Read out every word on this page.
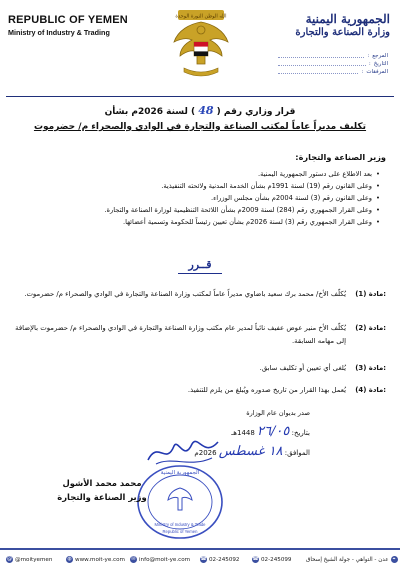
REPUBLIC OF YEMEN
Ministry of Industry & Trading
الله الوطن الثورة الوحدة	الجمهورية اليمنية
وزارة الصناعة والتجارة
المرجع
:
التاريخ
:
المرفقات
:
قرار وزاري رقم ( 48 ) لسنة 2026م بشأن
تكليف مديراً عاماً لمكتب الصناعة والتجارة في الوادي والصحراء م/ حضرموت
وزير الصناعة والتجارة:
• بعد الاطلاع على دستور الجمهورية اليمنية.
• وعلى القانون رقم (19) لسنة 1991م بشأن الخدمة المدنية ولائحته التنفيذية.
• وعلى القانون رقم (3) لسنة 2004م بشأن مجلس الوزراء.
• وعلى القرار الجمهوري رقم (284) لسنة 2009م بشأن اللائحة التنظيمية لوزارة الصناعة والتجارة.
• وعلى القرار الجمهوري رقم (3) لسنة 2026م بشأن تعيين رئيساً للحكومة وتسمية أعضائها.
قــرر
مادة (1):
يُكلّف الأخ/ محمد برك سعيد باضاوي مديراً عاماً لمكتب وزارة الصناعة والتجارة في الوادي والصحراء م/ حضرموت.
مادة (2):
يُكلّف الأخ منير عوض عفيف نائباً لمدير عام مكتب وزارة الصناعة والتجارة في الوادي والصحراء م/ حضرموت بالإضافة إلى مهامه السابقة.
مادة (3):
يُلغى أي تعيين أو تكليف سابق.
مادة (4):
يُعمل بهذا القرار من تاريخ صدوره ويُبلغ من يلزم للتنفيذ.
صدر بديوان عام الوزارة
بتاريخ: ٢٦/٠٥ 1448هـ
الموافق: ١٨ غسطس 2026م
الجمهورية اليمنية
Ministry of Industry & Trade
Republic of Yemen
محمد محمد الأشول
وزير الصناعة والتجارة
@ @moityemen	◍ www.moit-ye.com ✉ info@moit-ye.com ☎ 02-245092	☎ 02-245099	⌖
عدن - التواهي - جولة الشيخ إسحاق
